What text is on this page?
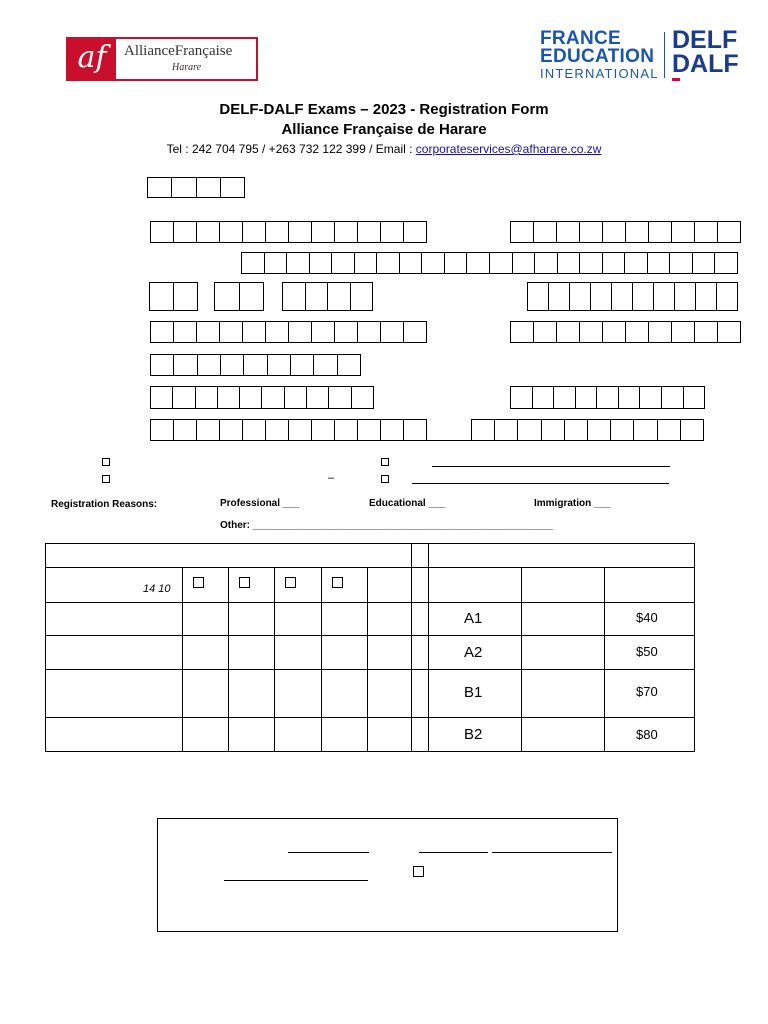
af	AllianceFrançaise
Harare
FRANCE
EDUCATION
INTERNATIONAL
DELF
DALF
DELF-DALF Exams – 2023 - Registration Form
Alliance Française de Harare
Tel : 242 704 795 / +263 732 122 399 / Email : corporateservices@afharare.co.zw
–
Registration Reasons:	Professional ___	Educational ___	Immigration ___
Other: ______________________________________________________
14 10
A1	$40
A2	$50
B1	$70
B2	$80
